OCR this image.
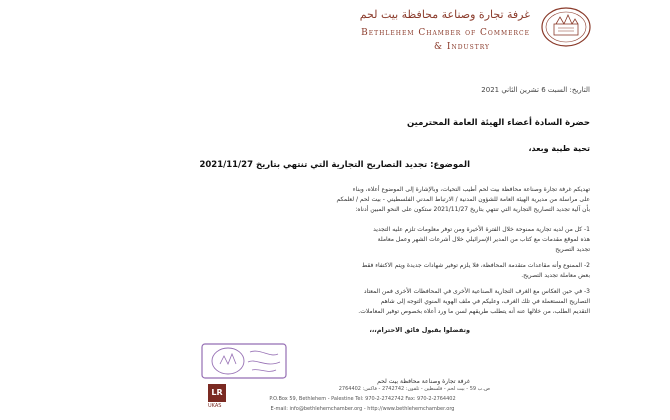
غرفة تجارة وصناعة محافظة بيت لحم
Bethlehem Chamber of Commerce
& Industry
التاريخ: السبت 6 تشرين الثاني 2021
حضرة السادة أعضاء الهيئة العامة المحترمين
تحية طيبة وبعد،
الموضوع: تجديد التصاريح التجارية التي تنتهي بتاريخ 2021/11/27
تهديكم غرفة تجارة وصناعة محافظة بيت لحم أطيب التحيات، وبالإشارة إلى الموضوع أعلاه، وبناء
على مراسلة من مديرية الهيئة العامة للشؤون المدنية / الارتباط المدني الفلسطيني - بيت لحم / لعلمكم
بأن آلية تجديد التصاريح التجارية التي تنتهي بتاريخ 2021/11/27 ستكون على النحو المبين أدناه:
1- كل من لديه تجارية ممنوحة خلال الفترة الأخيرة ومن توفر معلومات تلزم عليه التجديد
هذه لموقع مقدمات مع كتاب من المدير الإسرائيلي خلال أشرعات الشهر وعمل معاملة
تجديد التصريح
2- الممنوع وأنه مقاعدات متقدمة المحافظة، فلا يلزم توفير شهادات جديدة ويتم الاكتفاء فقط
بعض معاملة تجديد التصريح.
3- في حين العكاس مع الغرف التجارية الصناعية الأخرى في المحافظات الأخرى فمن المعتاد
التصاريح المستعملة في تلك الغرف، وعليكم في ملف الهوية المنوي التوجه إلى شاهم
التقديم الطلب، من خلالها عنه أنه يتطلب طريقهم لسن ما ورد أعلاه بخصوص توفير المعاملات.
وتفضلوا بقبول فائق الاحترام،،،
غرفة تجارة وصناعة محافظة بيت لحم
LR
UKAS
ص.ب 59 - بيت لحم - فلسطين - تلفون: 2742742 - فاكس: 2764402
P.O.Box 59, Bethlehem - Palestine Tel: 970-2-2742742 Fax: 970-2-2764402
E-mail: info@bethlehemchamber.org - http://www.bethlehemchamber.org
